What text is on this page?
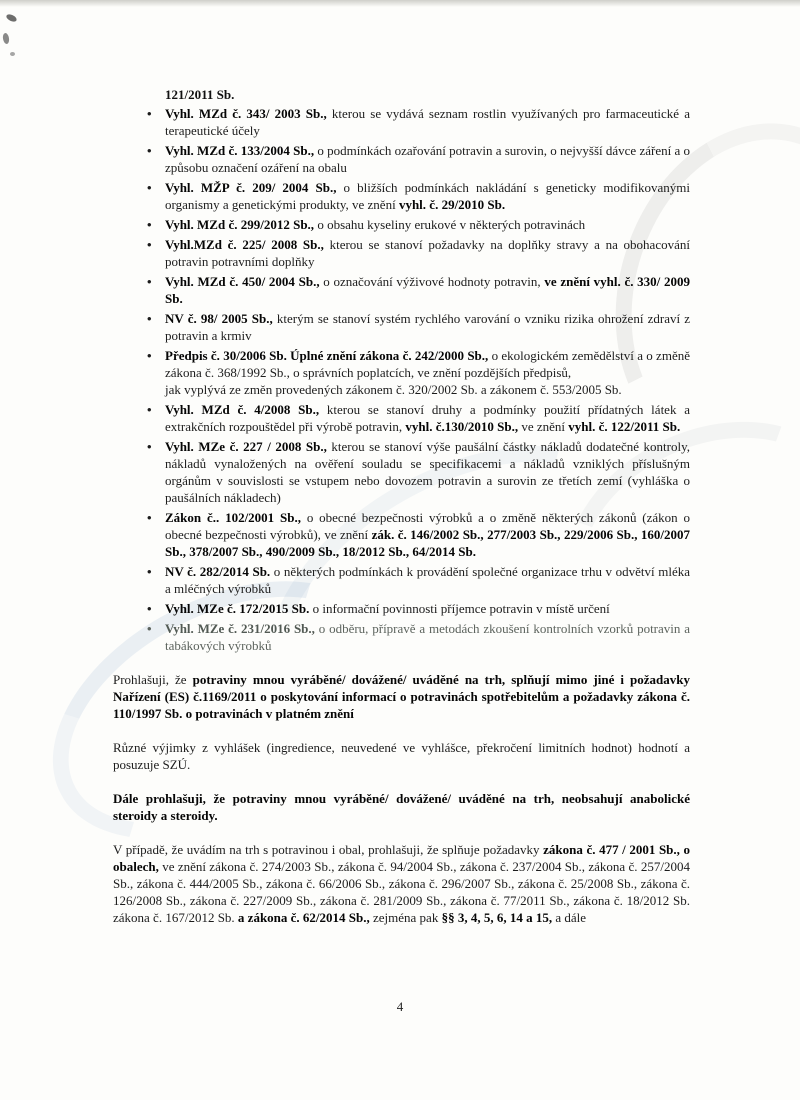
121/2011 Sb.
• Vyhl. MZd č. 343/ 2003 Sb., kterou se vydává seznam rostlin využívaných pro farmaceutické a terapeutické účely
• Vyhl. MZd č. 133/2004 Sb., o podmínkách ozařování potravin a surovin, o nejvyšší dávce záření a o způsobu označení ozáření na obalu
• Vyhl. MŽP č. 209/ 2004 Sb., o bližších podmínkách nakládání s geneticky modifikovanými organismy a genetickými produkty, ve znění vyhl. č. 29/2010 Sb.
• Vyhl. MZd č. 299/2012 Sb., o obsahu kyseliny erukové v některých potravinách
• Vyhl.MZd č. 225/ 2008 Sb., kterou se stanoví požadavky na doplňky stravy a na obohacování potravin potravními doplňky
• Vyhl. MZd č. 450/ 2004 Sb., o označování výživové hodnoty potravin, ve znění vyhl. č. 330/ 2009 Sb.
• NV č. 98/ 2005 Sb., kterým se stanoví systém rychlého varování o vzniku rizika ohrožení zdraví z potravin a krmiv
• Předpis č. 30/2006 Sb. Úplné znění zákona č. 242/2000 Sb., o ekologickém zemědělství a o změně zákona č. 368/1992 Sb., o správních poplatcích, ve znění pozdějších předpisů,
jak vyplývá ze změn provedených zákonem č. 320/2002 Sb. a zákonem č. 553/2005 Sb.
• Vyhl. MZd č. 4/2008 Sb., kterou se stanoví druhy a podmínky použití přídatných látek a extrakčních rozpouštědel při výrobě potravin, vyhl. č.130/2010 Sb., ve znění vyhl. č. 122/2011 Sb.
• Vyhl. MZe č. 227 / 2008 Sb., kterou se stanoví výše paušální částky nákladů dodatečné kontroly, nákladů vynaložených na ověření souladu se specifikacemi a nákladů vzniklých příslušným orgánům v souvislosti se vstupem nebo dovozem potravin a surovin ze třetích zemí (vyhláška o paušálních nákladech)
• Zákon č.. 102/2001 Sb., o obecné bezpečnosti výrobků a o změně některých zákonů (zákon o obecné bezpečnosti výrobků), ve znění zák. č. 146/2002 Sb., 277/2003 Sb., 229/2006 Sb., 160/2007 Sb., 378/2007 Sb., 490/2009 Sb., 18/2012 Sb., 64/2014 Sb.
• NV č. 282/2014 Sb. o některých podmínkách k provádění společné organizace trhu v odvětví mléka a mléčných výrobků
• Vyhl. MZe č. 172/2015 Sb. o informační povinnosti příjemce potravin v místě určení
• Vyhl. MZe č. 231/2016 Sb., o odběru, přípravě a metodách zkoušení kontrolních vzorků potravin a tabákových výrobků

Prohlašuji, že potraviny mnou vyráběné/ dovážené/ uváděné na trh, splňují mimo jiné i požadavky Nařízení (ES) č.1169/2011 o poskytování informací o potravinách spotřebitelům a požadavky zákona č. 110/1997 Sb. o potravinách v platném znění

Různé výjimky z vyhlášek (ingredience, neuvedené ve vyhlášce, překročení limitních hodnot) hodnotí a posuzuje SZÚ.

Dále prohlašuji, že potraviny mnou vyráběné/ dovážené/ uváděné na trh, neobsahují anabolické steroidy a steroidy.

V případě, že uvádím na trh s potravinou i obal, prohlašuji, že splňuje požadavky zákona č. 477 / 2001 Sb., o obalech, ve znění zákona č. 274/2003 Sb., zákona č. 94/2004 Sb., zákona č. 237/2004 Sb., zákona č. 257/2004 Sb., zákona č. 444/2005 Sb., zákona č. 66/2006 Sb., zákona č. 296/2007 Sb., zákona č. 25/2008 Sb., zákona č. 126/2008 Sb., zákona č. 227/2009 Sb., zákona č. 281/2009 Sb., zákona č. 77/2011 Sb., zákona č. 18/2012 Sb. zákona č. 167/2012 Sb. a zákona č. 62/2014 Sb., zejména pak §§ 3, 4, 5, 6, 14 a 15, a dále

4
